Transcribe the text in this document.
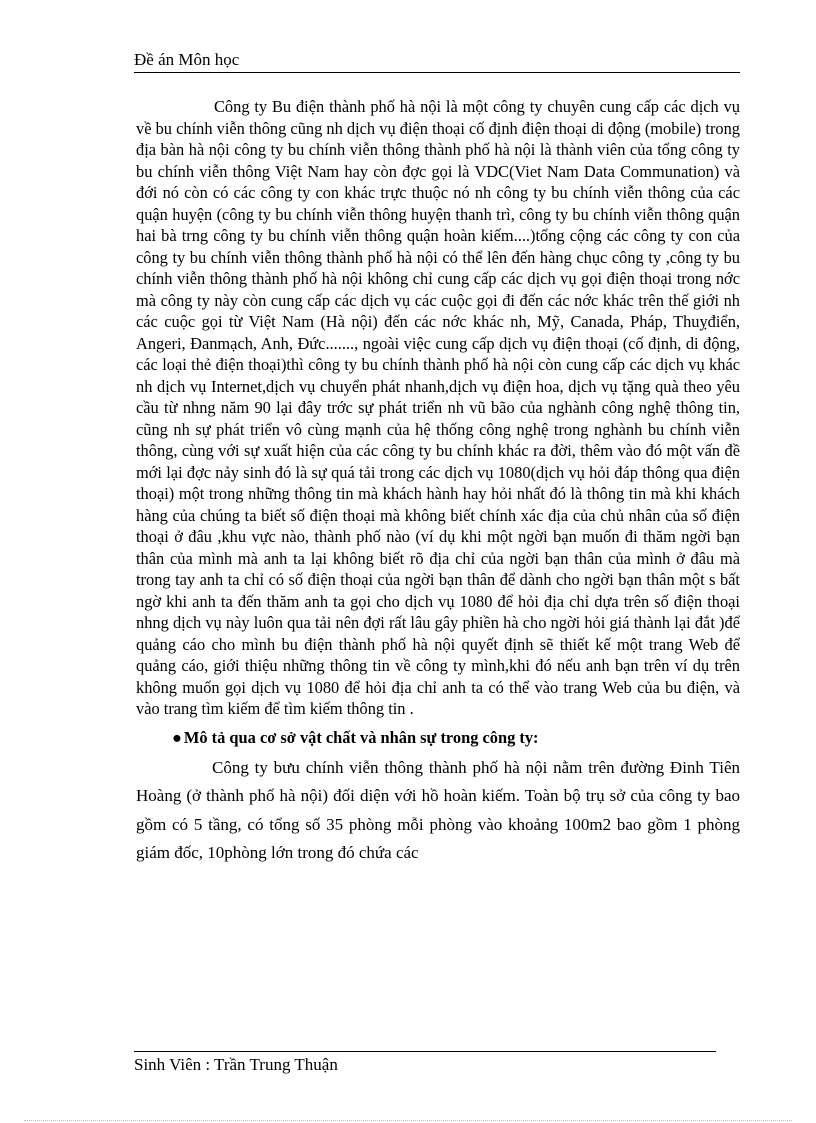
Đề án Môn học

Công ty Bu điện thành phố hà nội là một công ty chuyên cung cấp các dịch vụ về bu chính viễn thông cũng nh dịch vụ điện thoại cố định điện thoại di động (mobile) trong địa bàn hà nội công ty bu chính viễn thông thành phố hà nội là thành viên của tổng công ty bu chính viễn thông Việt Nam hay còn đợc gọi là VDC(Viet Nam Data Communation) và đới nó còn có các công ty con khác trực thuộc nó nh công ty bu chính viễn thông của các quận huyện (công ty bu chính viễn thông huyện thanh trì, công ty bu chính viễn thông quận hai bà trng công ty bu chính viễn thông quận hoàn kiếm....)tổng cộng các công ty con của công ty bu chính viễn thông thành phố hà nội có thể lên đến hàng chục công ty ,công ty bu chính viễn thông thành phố hà nội không chỉ cung cấp các dịch vụ gọi điện thoại trong nớc mà công ty này còn cung cấp các dịch vụ các cuộc gọi đi đến các nớc khác trên thế giới nh các cuộc gọi từ Việt Nam (Hà nội) đến các nớc khác nh, Mỹ, Canada, Pháp, Thuỵđiển, Angeri, Đanmạch, Anh, Đức......., ngoài việc cung cấp dịch vụ điện thoại (cố định, di động, các loại thẻ điện thoại)thì công ty bu chính thành phố hà nội còn cung cấp các dịch vụ khác nh dịch vụ Internet,dịch vụ chuyển phát nhanh,dịch vụ điện hoa, dịch vụ tặng quà theo yêu cầu từ nhng năm 90 lại đây trớc sự phát triển nh vũ bão của nghành công nghệ thông tin, cũng nh sự phát triển vô cùng mạnh của hệ thống công nghệ trong nghành bu chính viễn thông, cùng với sự xuất hiện của các công ty bu chính khác ra đời, thêm vào đó một vấn đề mới lại đợc nảy sinh đó là sự quá tải trong các dịch vụ 1080(dịch vụ hỏi đáp thông qua điện thoại) một trong những thông tin mà khách hành hay hỏi nhất đó là thông tin mà khi khách hàng của chúng ta biết số điện thoại mà không biết chính xác địa của chủ nhân của số điện thoại ở đâu ,khu vực nào, thành phố nào (ví dụ khi một ngời bạn muốn đi thăm ngời bạn thân của mình mà anh ta lại không biết rõ địa chỉ của ngời bạn thân của mình ở đâu mà trong tay anh ta chỉ có số điện thoại của ngời bạn thân để dành cho ngời bạn thân một s bất ngờ khi anh ta đến thăm anh ta gọi cho dịch vụ 1080 để hỏi địa chỉ dựa trên số điện thoại nhng dịch vụ này luôn qua tải nên đợi rất lâu gây phiền hà cho ngời hỏi giá thành lại đắt )để quảng cáo cho mình bu điện thành phố hà nội quyết định sẽ thiết kế một trang Web để quảng cáo, giới thiệu những thông tin về công ty mình,khi đó nếu anh bạn trên ví dụ trên không muốn gọi dịch vụ 1080 để hỏi địa chỉ anh ta có thể vào trang Web của bu điện, và vào trang tìm kiếm để tìm kiếm thông tin .

● Mô tả qua cơ sở vật chất và nhân sự trong công ty:

Công ty bưu chính viễn thông thành phố hà nội nằm trên đường Đinh Tiên Hoàng (ở thành phố hà nội) đối diện với hồ hoàn kiếm. Toàn bộ trụ sở của công ty bao gồm có 5 tầng, có tổng số 35 phòng mỗi phòng vào khoảng 100m2 bao gồm 1 phòng giám đốc, 10phòng lớn trong đó chứa các

Sinh Viên : Trần Trung Thuận
